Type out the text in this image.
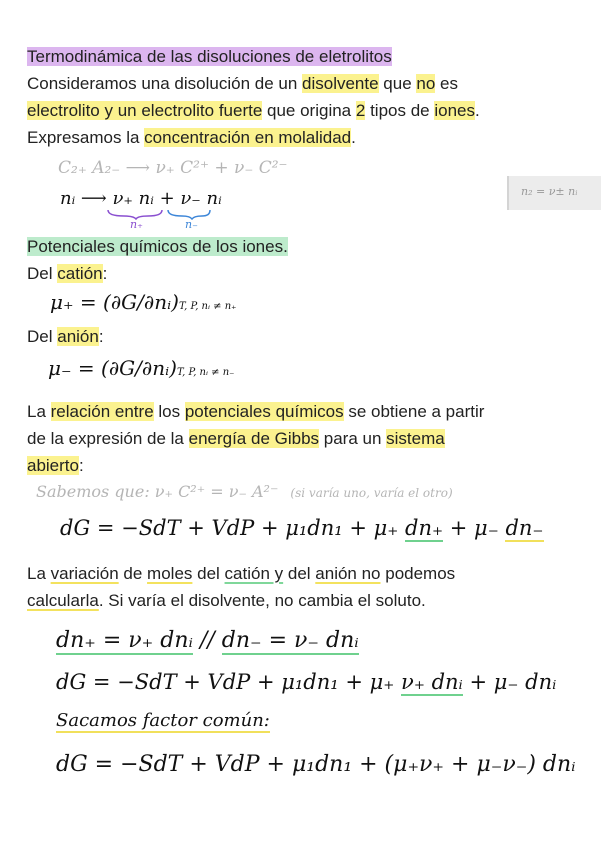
Termodinámica de las disoluciones de eletrolitos
Consideramos una disolución de un disolvente que no es
electrolito y un electrolito fuerte que origina 2 tipos de iones.
Expresamos la concentración en molalidad.
C₂₊ A₂₋ ⟶ ν₊ C²⁺ + ν₋ C²⁻
nᵢ ⟶ ν₊ nᵢ + ν₋ nᵢ
n₊	n₋
n₂ = ν± nᵢ
Potenciales químicos de los iones.
Del catión:
μ₊ = (∂G/∂nᵢ)T, P, nᵢ ≠ n₊
Del anión:
μ₋ = (∂G/∂nᵢ)T, P, nᵢ ≠ n₋
La relación entre los potenciales químicos se obtiene a partir
de la expresión de la energía de Gibbs para un sistema
abierto:
Sabemos que: ν₊ C²⁺ = ν₋ A²⁻ (si varía uno, varía el otro)
dG = −SdT + VdP + μ₁dn₁ + μ₊ dn₊ + μ₋ dn₋
La variación de moles del catión y del anión no podemos
calcularla. Si varía el disolvente, no cambia el soluto.
dn₊ = ν₊ dnᵢ // dn₋ = ν₋ dnᵢ
dG = −SdT + VdP + μ₁dn₁ + μ₊ ν₊ dnᵢ + μ₋ dnᵢ
Sacamos factor común:
dG = −SdT + VdP + μ₁dn₁ + (μ₊ν₊ + μ₋ν₋) dnᵢ
